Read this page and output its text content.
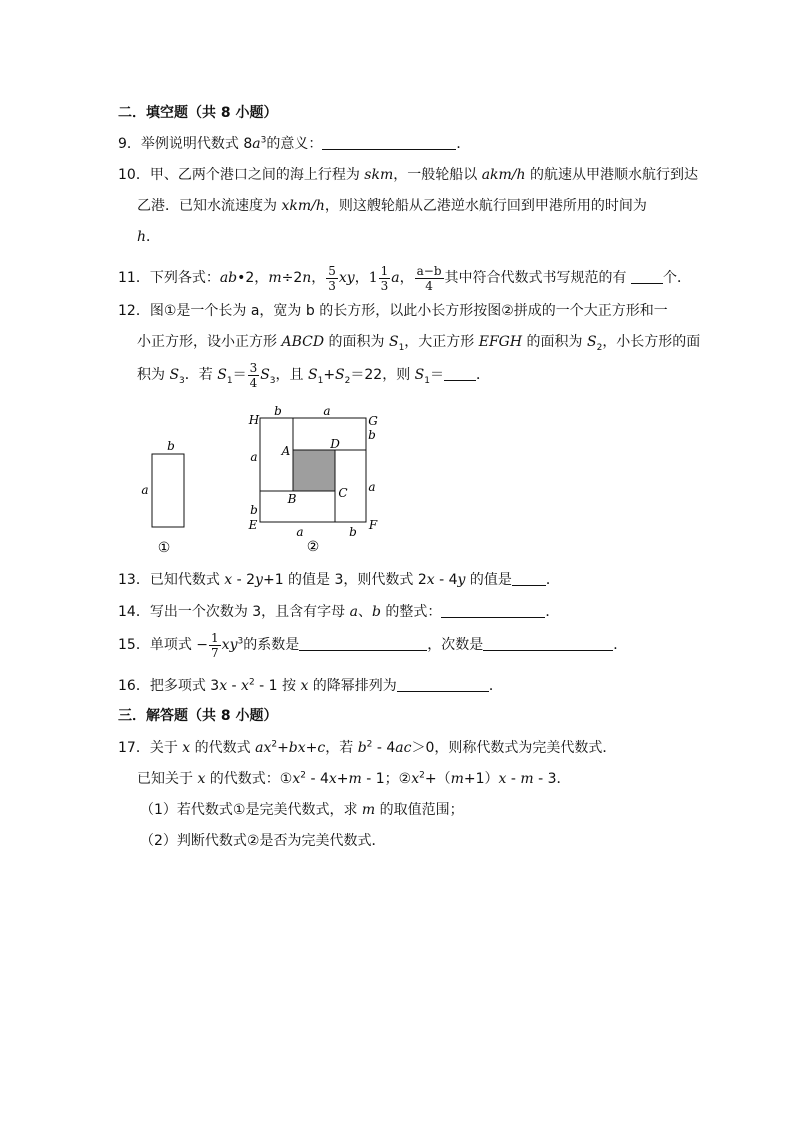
二．填空题（共 8 小题）
9．举例说明代数式 $8a^3$的意义：	．
10．甲、乙两个港口之间的海上行程为 skm，一般轮船以 akm/h 的航速从甲港顺水航行到达
乙港．已知水流速度为 xkm/h，则这艘轮船从乙港逆水航行回到甲港所用的时间为
h．
11．下列各式：ab•2，m÷2n， $\frac{5}{3}$ xy， $1 \frac{1}{3}$ a， $\frac{a-b}{4}$ 其中符合代数式书写规范的有 个．
12．图①是一个长为 a，宽为 b 的长方形，以此小长方形按图②拼成的一个大正方形和一
小正方形，设小正方形 ABCD 的面积为 $S_1$，大正方形 EFGH 的面积为 $S_2$，小长方形的面
积为 $S_3$．若 $S_1= \frac{3}{4} S_3$，且 $S_1+S_2=22$，则 $S_1=$ ．
b
a
①
H	G
E	F
A	D
B	C
b	a
b
a
a
b
a	b
②
13．已知代数式 x - 2y+1 的值是 3，则代数式 2x - 4y 的值是 ．
14．写出一个次数为 3，且含有字母 a、b 的整式：	．
15．单项式 − $\frac{1}{7} xy^3$的系数是	，次数是	．
16．把多项式 $3x - x^2 - 1$ 按 x 的降幂排列为	．
三．解答题（共 8 小题）
17．关于 x 的代数式 $ax^2+bx+c$，若 $b^2 - 4ac>0$，则称代数式为完美代数式．
已知关于 x 的代数式：$①x^2 - 4x+m - 1$；$②x^2+(m+1)x - m - 3$．
（1）若代数式①是完美代数式，求 m 的取值范围；
（2）判断代数式②是否为完美代数式．
